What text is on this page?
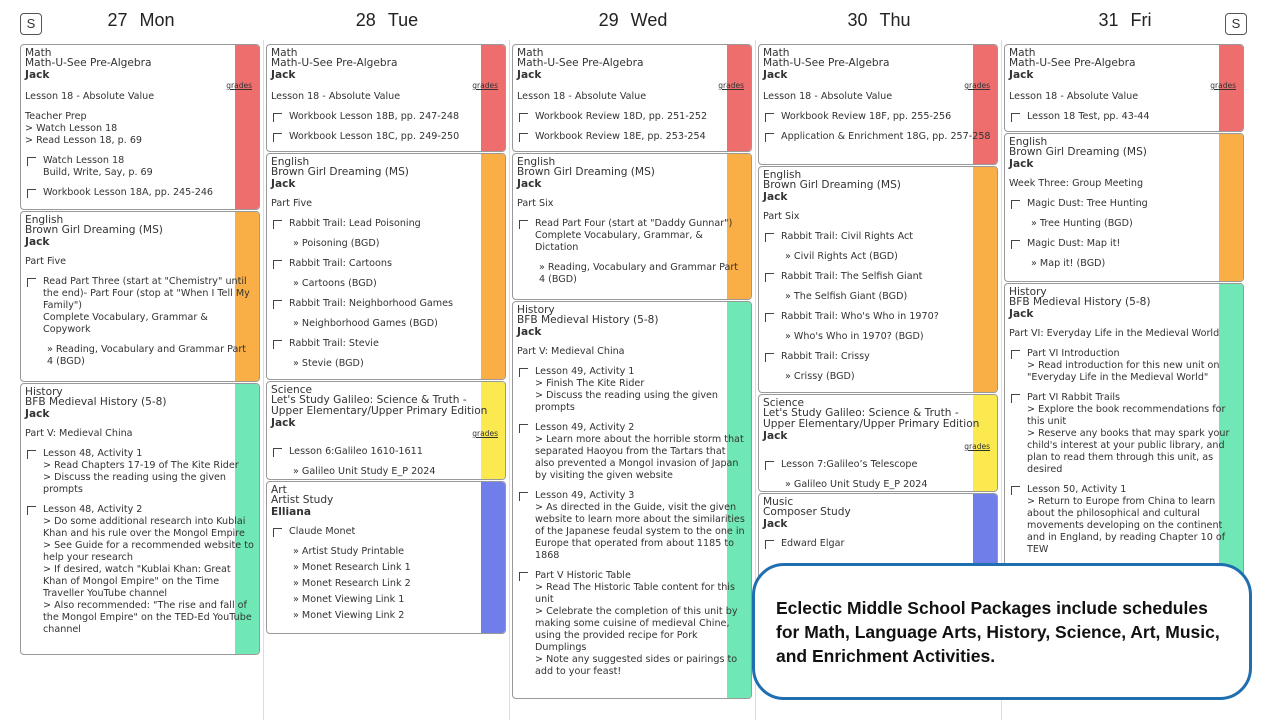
S	S
27 Mon
Math
Math-U-See Pre-Algebra
Jack
grades
Lesson 18 - Absolute Value
Teacher Prep
> Watch Lesson 18
> Read Lesson 18, p. 69
Watch Lesson 18
Build, Write, Say, p. 69
Workbook Lesson 18A, pp. 245-246
English
Brown Girl Dreaming (MS)
Jack
Part Five
Read Part Three (start at "Chemistry" until the end)- Part Four (stop at "When I Tell My Family")
Complete Vocabulary, Grammar & Copywork
» Reading, Vocabulary and Grammar Part 4 (BGD)
History
BFB Medieval History (5-8)
Jack
Part V: Medieval China
Lesson 48, Activity 1
> Read Chapters 17-19 of The Kite Rider
> Discuss the reading using the given prompts
Lesson 48, Activity 2
> Do some additional research into Kublai Khan and his rule over the Mongol Empire
> See Guide for a recommended website to help your research
> If desired, watch "Kublai Khan: Great Khan of Mongol Empire" on the Time Traveller YouTube channel
> Also recommended: "The rise and fall of the Mongol Empire" on the TED-Ed YouTube channel
28 Tue
Math
Math-U-See Pre-Algebra
Jack
grades
Lesson 18 - Absolute Value
Workbook Lesson 18B, pp. 247-248
Workbook Lesson 18C, pp. 249-250
English
Brown Girl Dreaming (MS)
Jack
Part Five
Rabbit Trail: Lead Poisoning
» Poisoning (BGD)
Rabbit Trail: Cartoons
» Cartoons (BGD)
Rabbit Trail: Neighborhood Games
» Neighborhood Games (BGD)
Rabbit Trail: Stevie
» Stevie (BGD)
Science
Let's Study Galileo: Science & Truth - Upper Elementary/Upper Primary Edition
Jack
grades
Lesson 6:Galileo 1610-1611
» Galileo Unit Study E_P 2024
Art
Artist Study
Elliana
Claude Monet
» Artist Study Printable
» Monet Research Link 1
» Monet Research Link 2
» Monet Viewing Link 1
» Monet Viewing Link 2
29 Wed
Math
Math-U-See Pre-Algebra
Jack
grades
Lesson 18 - Absolute Value
Workbook Review 18D, pp. 251-252
Workbook Review 18E, pp. 253-254
English
Brown Girl Dreaming (MS)
Jack
Part Six
Read Part Four (start at "Daddy Gunnar")
Complete Vocabulary, Grammar, & Dictation
» Reading, Vocabulary and Grammar Part 4 (BGD)
History
BFB Medieval History (5-8)
Jack
Part V: Medieval China
Lesson 49, Activity 1
> Finish The Kite Rider
> Discuss the reading using the given prompts
Lesson 49, Activity 2
> Learn more about the horrible storm that separated Haoyou from the Tartars that also prevented a Mongol invasion of Japan by visiting the given website
Lesson 49, Activity 3
> As directed in the Guide, visit the given website to learn more about the similarities of the Japanese feudal system to the one in Europe that operated from about 1185 to 1868
Part V Historic Table
> Read The Historic Table content for this unit
> Celebrate the completion of this unit by making some cuisine of medieval Chine, using the provided recipe for Pork Dumplings
> Note any suggested sides or pairings to add to your feast!
30 Thu
Math
Math-U-See Pre-Algebra
Jack
grades
Lesson 18 - Absolute Value
Workbook Review 18F, pp. 255-256
Application & Enrichment 18G, pp. 257-258
English
Brown Girl Dreaming (MS)
Jack
Part Six
Rabbit Trail: Civil Rights Act
» Civil Rights Act (BGD)
Rabbit Trail: The Selfish Giant
» The Selfish Giant (BGD)
Rabbit Trail: Who's Who in 1970?
» Who's Who in 1970? (BGD)
Rabbit Trail: Crissy
» Crissy (BGD)
Science
Let's Study Galileo: Science & Truth - Upper Elementary/Upper Primary Edition
Jack
grades
Lesson 7:Galileo’s Telescope
» Galileo Unit Study E_P 2024
Music
Composer Study
Jack
Edward Elgar
31 Fri
Math
Math-U-See Pre-Algebra
Jack
grades
Lesson 18 - Absolute Value
Lesson 18 Test, pp. 43-44
English
Brown Girl Dreaming (MS)
Jack
Week Three: Group Meeting
Magic Dust: Tree Hunting
» Tree Hunting (BGD)
Magic Dust: Map it!
» Map it! (BGD)
History
BFB Medieval History (5-8)
Jack
Part VI: Everyday Life in the Medieval World
Part VI Introduction
> Read introduction for this new unit on "Everyday Life in the Medieval World"
Part VI Rabbit Trails
> Explore the book recommendations for this unit
> Reserve any books that may spark your child's interest at your public library, and plan to read them through this unit, as desired
Lesson 50, Activity 1
> Return to Europe from China to learn about the philosophical and cultural movements developing on the continent and in England, by reading Chapter 10 of TEW
Eclectic Middle School Packages include schedules for Math, Language Arts, History, Science, Art, Music, and Enrichment Activities.
